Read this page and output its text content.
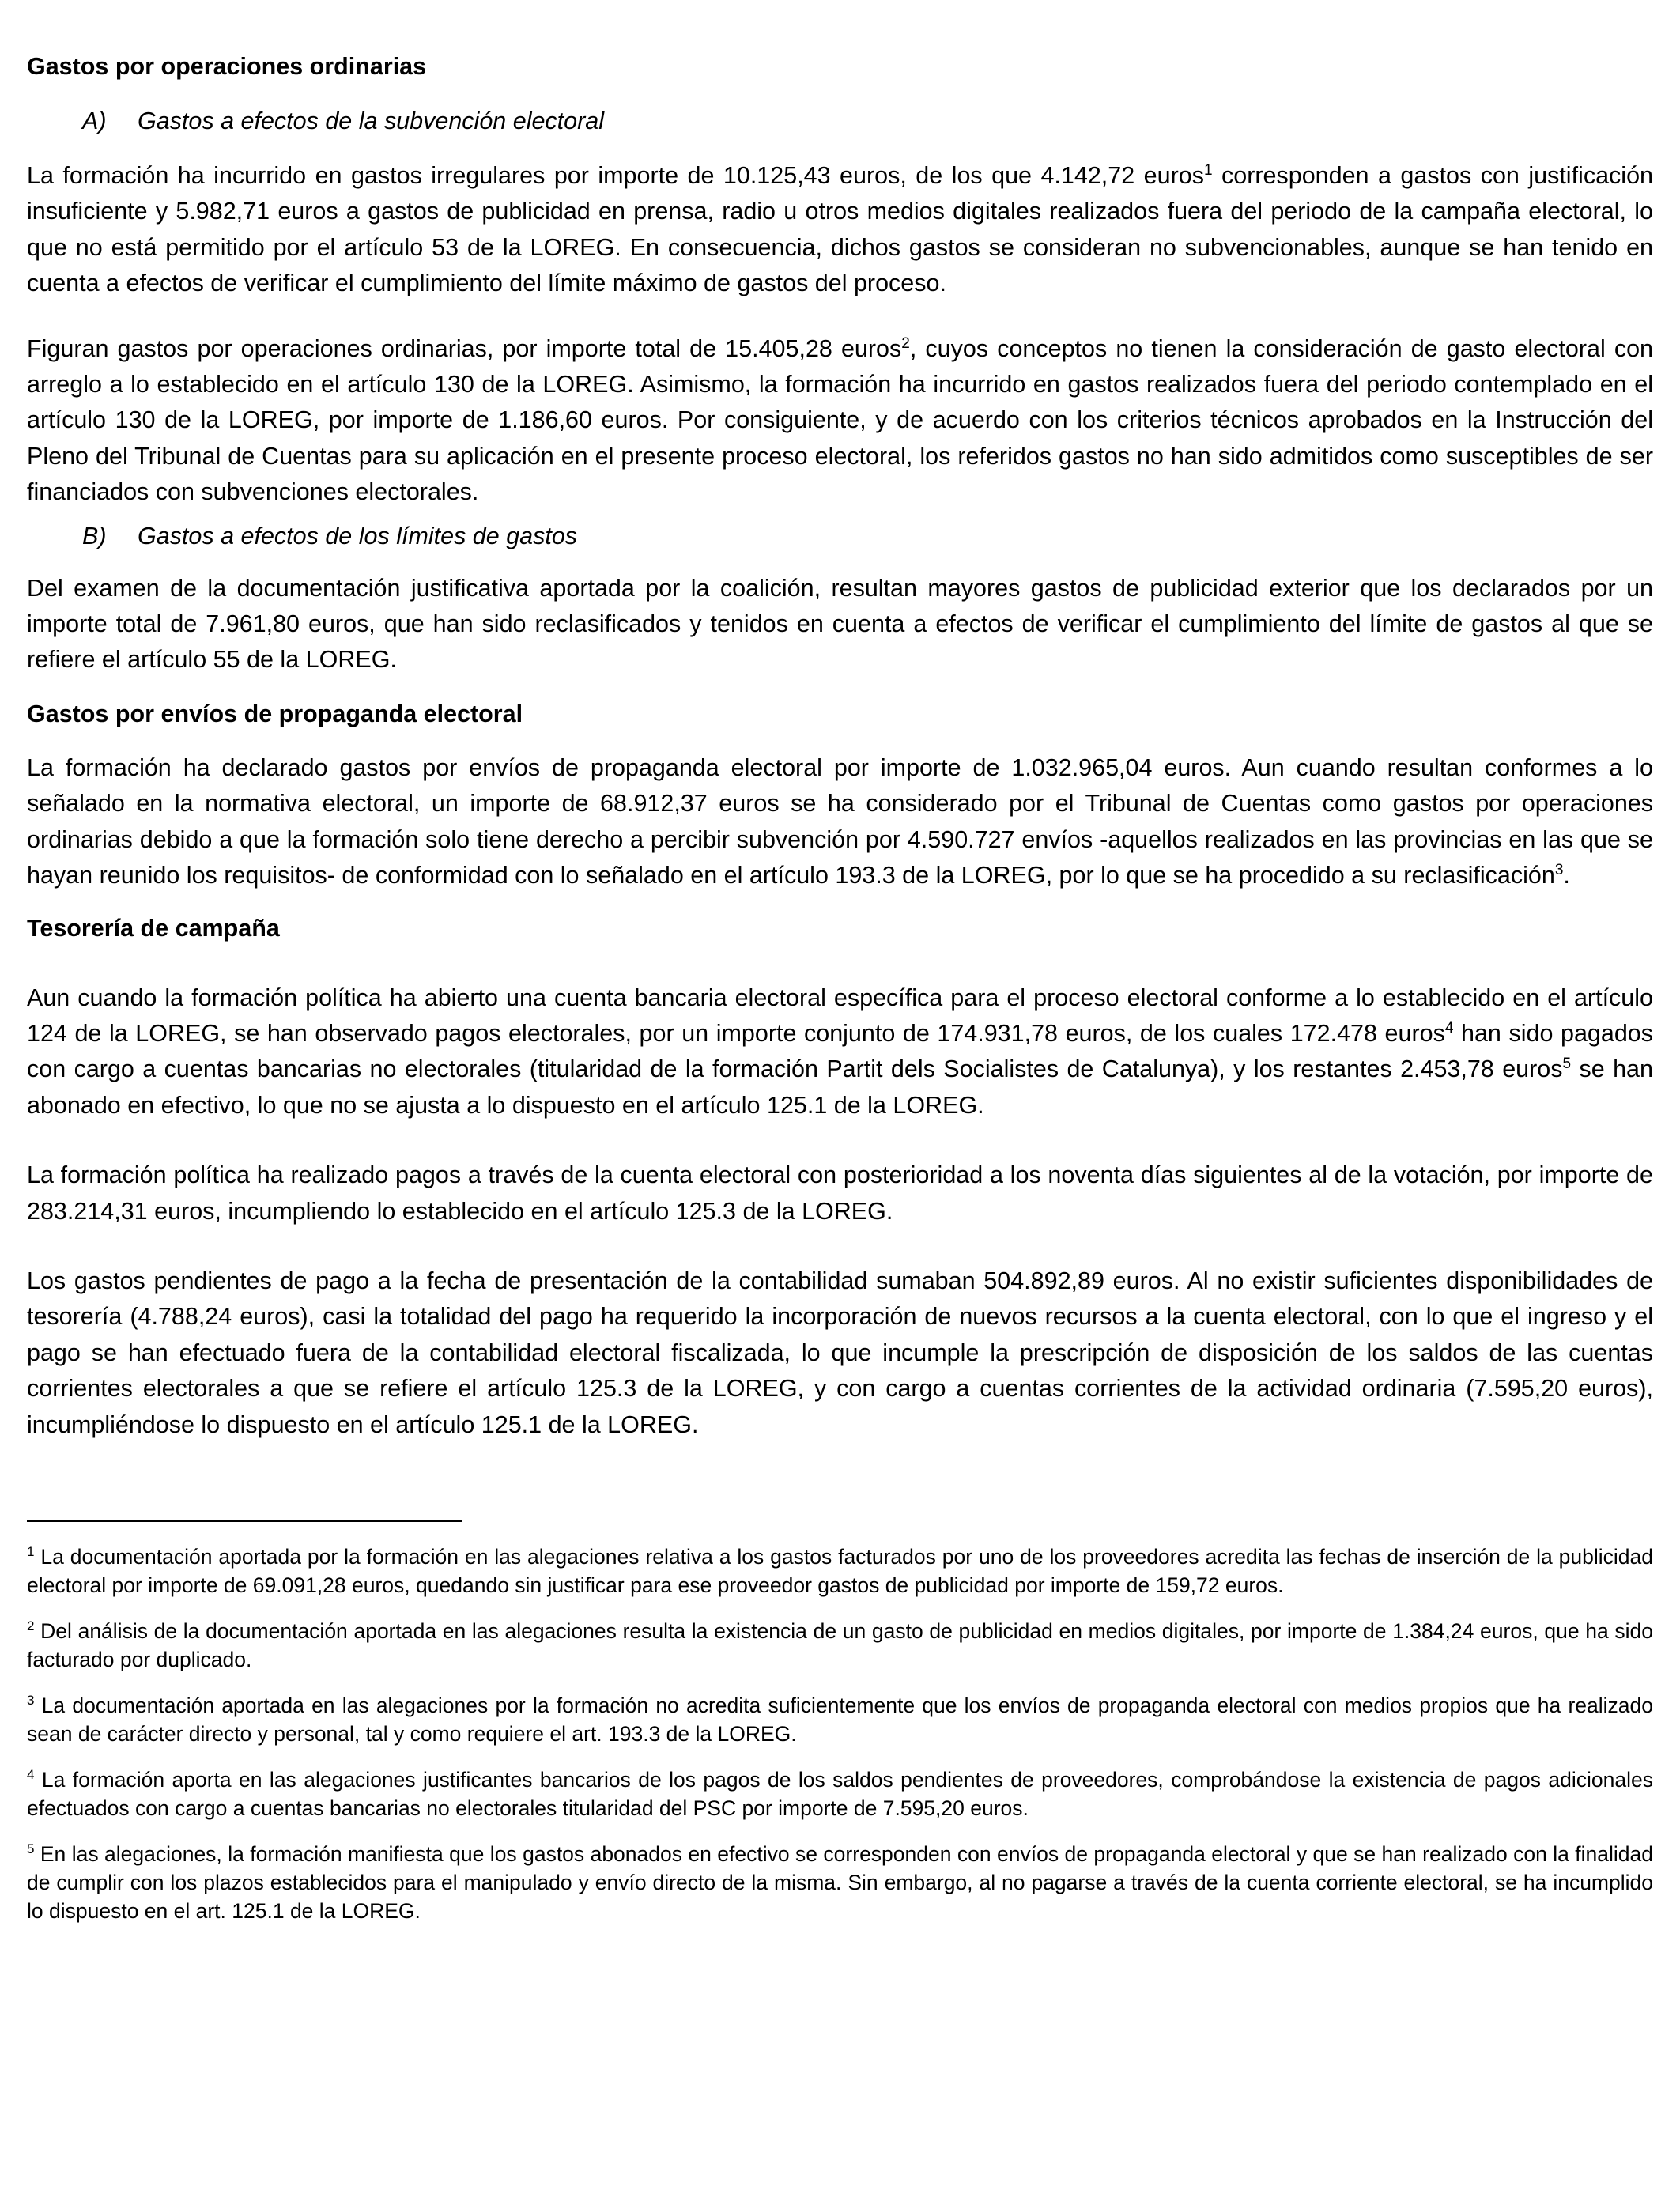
Gastos por operaciones ordinarias
A) Gastos a efectos de la subvención electoral

La formación ha incurrido en gastos irregulares por importe de 10.125,43 euros, de los que 4.142,72 euros$^1$ corresponden a gastos con justificación insuficiente y 5.982,71 euros a gastos de publicidad en prensa, radio u otros medios digitales realizados fuera del periodo de la campaña electoral, lo que no está permitido por el artículo 53 de la LOREG. En consecuencia, dichos gastos se consideran no subvencionables, aunque se han tenido en cuenta a efectos de verificar el cumplimiento del límite máximo de gastos del proceso.

Figuran gastos por operaciones ordinarias, por importe total de 15.405,28 euros$^2$, cuyos conceptos no tienen la consideración de gasto electoral con arreglo a lo establecido en el artículo 130 de la LOREG. Asimismo, la formación ha incurrido en gastos realizados fuera del periodo contemplado en el artículo 130 de la LOREG, por importe de 1.186,60 euros. Por consiguiente, y de acuerdo con los criterios técnicos aprobados en la Instrucción del Pleno del Tribunal de Cuentas para su aplicación en el presente proceso electoral, los referidos gastos no han sido admitidos como susceptibles de ser financiados con subvenciones electorales.

B) Gastos a efectos de los límites de gastos

Del examen de la documentación justificativa aportada por la coalición, resultan mayores gastos de publicidad exterior que los declarados por un importe total de 7.961,80 euros, que han sido reclasificados y tenidos en cuenta a efectos de verificar el cumplimiento del límite de gastos al que se refiere el artículo 55 de la LOREG.

Gastos por envíos de propaganda electoral

La formación ha declarado gastos por envíos de propaganda electoral por importe de 1.032.965,04 euros. Aun cuando resultan conformes a lo señalado en la normativa electoral, un importe de 68.912,37 euros se ha considerado por el Tribunal de Cuentas como gastos por operaciones ordinarias debido a que la formación solo tiene derecho a percibir subvención por 4.590.727 envíos -aquellos realizados en las provincias en las que se hayan reunido los requisitos- de conformidad con lo señalado en el artículo 193.3 de la LOREG, por lo que se ha procedido a su reclasificación$^3$.

Tesorería de campaña

Aun cuando la formación política ha abierto una cuenta bancaria electoral específica para el proceso electoral conforme a lo establecido en el artículo 124 de la LOREG, se han observado pagos electorales, por un importe conjunto de 174.931,78 euros, de los cuales 172.478 euros$^4$ han sido pagados con cargo a cuentas bancarias no electorales (titularidad de la formación Partit dels Socialistes de Catalunya), y los restantes 2.453,78 euros$^5$ se han abonado en efectivo, lo que no se ajusta a lo dispuesto en el artículo 125.1 de la LOREG.

La formación política ha realizado pagos a través de la cuenta electoral con posterioridad a los noventa días siguientes al de la votación, por importe de 283.214,31 euros, incumpliendo lo establecido en el artículo 125.3 de la LOREG.

Los gastos pendientes de pago a la fecha de presentación de la contabilidad sumaban 504.892,89 euros. Al no existir suficientes disponibilidades de tesorería (4.788,24 euros), casi la totalidad del pago ha requerido la incorporación de nuevos recursos a la cuenta electoral, con lo que el ingreso y el pago se han efectuado fuera de la contabilidad electoral fiscalizada, lo que incumple la prescripción de disposición de los saldos de las cuentas corrientes electorales a que se refiere el artículo 125.3 de la LOREG, y con cargo a cuentas corrientes de la actividad ordinaria (7.595,20 euros), incumpliéndose lo dispuesto en el artículo 125.1 de la LOREG.

$^1$ La documentación aportada por la formación en las alegaciones relativa a los gastos facturados por uno de los proveedores acredita las fechas de inserción de la publicidad electoral por importe de 69.091,28 euros, quedando sin justificar para ese proveedor gastos de publicidad por importe de 159,72 euros.

$^2$ Del análisis de la documentación aportada en las alegaciones resulta la existencia de un gasto de publicidad en medios digitales, por importe de 1.384,24 euros, que ha sido facturado por duplicado.

$^3$ La documentación aportada en las alegaciones por la formación no acredita suficientemente que los envíos de propaganda electoral con medios propios que ha realizado sean de carácter directo y personal, tal y como requiere el art. 193.3 de la LOREG.

$^4$ La formación aporta en las alegaciones justificantes bancarios de los pagos de los saldos pendientes de proveedores, comprobándose la existencia de pagos adicionales efectuados con cargo a cuentas bancarias no electorales titularidad del PSC por importe de 7.595,20 euros.

$^5$ En las alegaciones, la formación manifiesta que los gastos abonados en efectivo se corresponden con envíos de propaganda electoral y que se han realizado con la finalidad de cumplir con los plazos establecidos para el manipulado y envío directo de la misma. Sin embargo, al no pagarse a través de la cuenta corriente electoral, se ha incumplido lo dispuesto en el art. 125.1 de la LOREG.
